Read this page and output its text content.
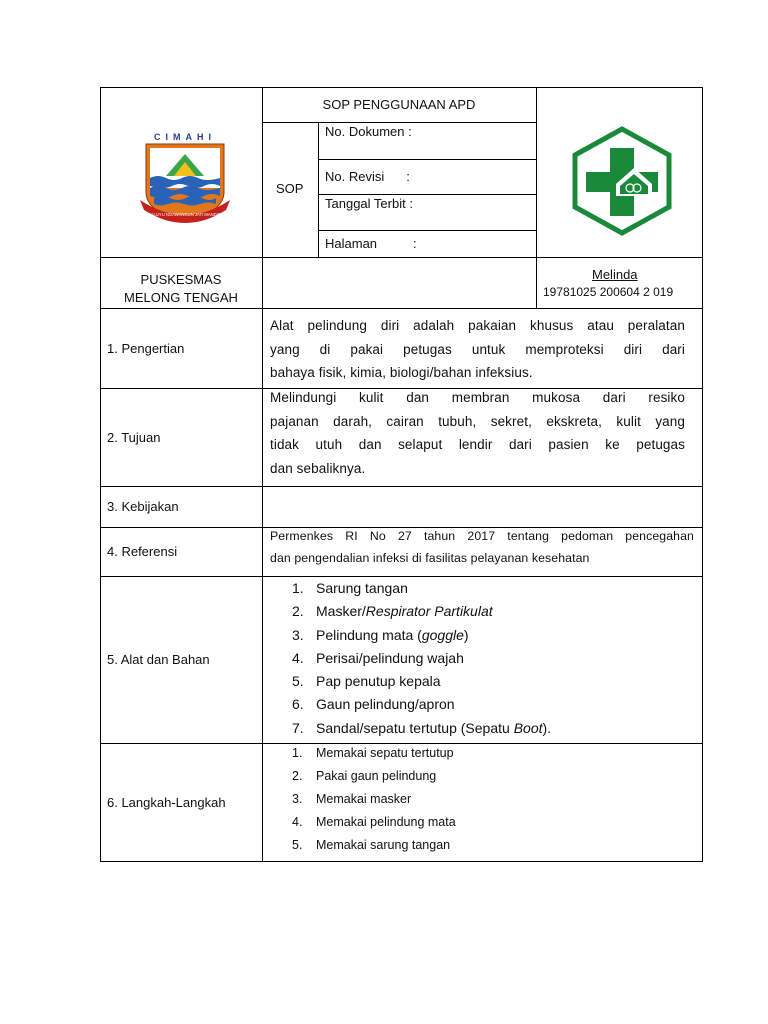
SOP PENGGUNAAN APD
SOP
No. Dokumen :
No. Revisi :
Tanggal Terbit :
Halaman	:
PUSKESMAS
MELONG TENGAH
Melinda
19781025 200604 2 019
CIMAHI
SALUYU NGAWANGUN JATI MANDIRI
1. Pengertian
2. Tujuan
3. Kebijakan
4. Referensi
5. Alat dan Bahan
6. Langkah-Langkah
Alat pelindung diri adalah pakaian khusus atau peralatan
yang di pakai petugas untuk memproteksi diri dari
bahaya fisik, kimia, biologi/bahan infeksius.
Melindungi kulit dan membran mukosa dari resiko
pajanan darah, cairan tubuh, sekret, ekskreta, kulit yang
tidak utuh dan selaput lendir dari pasien ke petugas
dan sebaliknya.
Permenkes RI No 27 tahun 2017 tentang pedoman pencegahan
dan pengendalian infeksi di fasilitas pelayanan kesehatan
1. Sarung tangan
2. Masker/Respirator Partikulat
3. Pelindung mata (goggle)
4. Perisai/pelindung wajah
5. Pap penutup kepala
6. Gaun pelindung/apron
7. Sandal/sepatu tertutup (Sepatu Boot).
1. Memakai sepatu tertutup
2. Pakai gaun pelindung
3. Memakai masker
4. Memakai pelindung mata
5. Memakai sarung tangan
